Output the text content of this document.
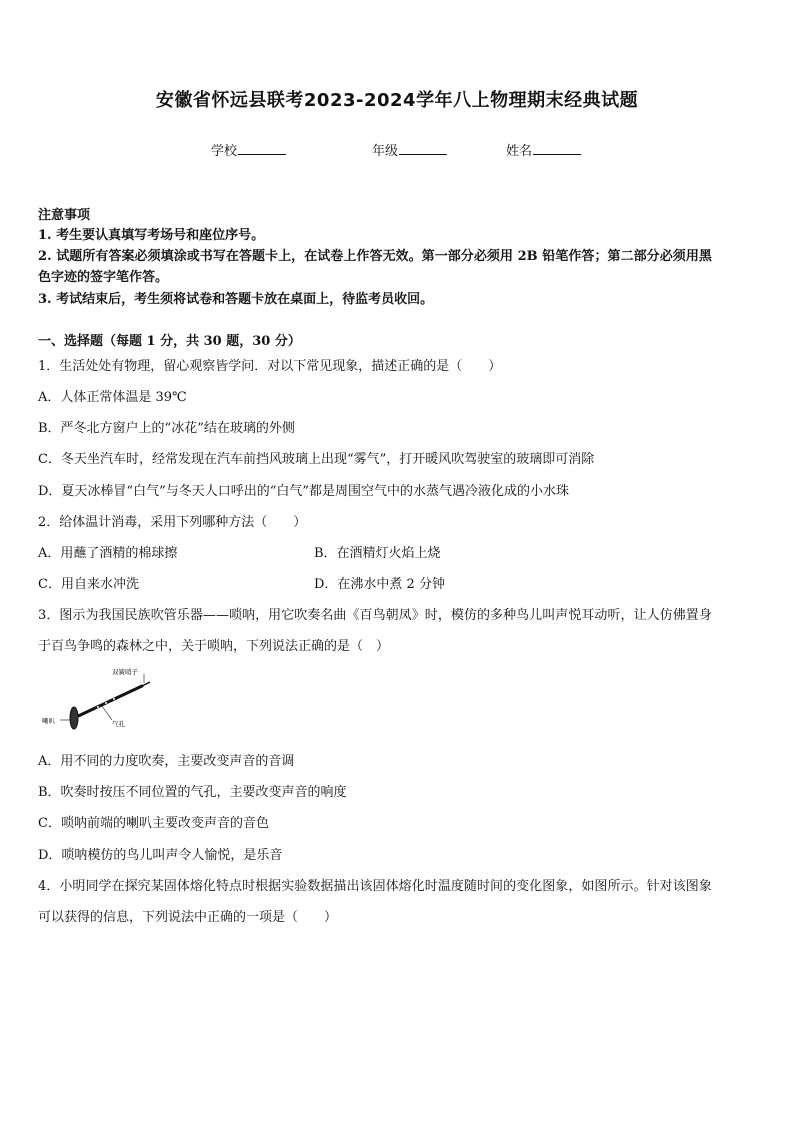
安徽省怀远县联考2023-2024学年八上物理期末经典试题
学校	年级	姓名
注意事项
1. 考生要认真填写考场号和座位序号。
2. 试题所有答案必须填涂或书写在答题卡上，在试卷上作答无效。第一部分必须用 2B 铅笔作答；第二部分必须用黑
色字迹的签字笔作答。
3. 考试结束后，考生须将试卷和答题卡放在桌面上，待监考员收回。
一、选择题（每题 1 分，共 30 题，30 分）
1．生活处处有物理，留心观察皆学问．对以下常见现象，描述正确的是（　　）
A．人体正常体温是 39℃
B．严冬北方窗户上的“冰花”结在玻璃的外侧
C．冬天坐汽车时，经常发现在汽车前挡风玻璃上出现“雾气”，打开暖风吹驾驶室的玻璃即可消除
D．夏天冰棒冒“白气”与冬天人口呼出的“白气”都是周围空气中的水蒸气遇冷液化成的小水珠
2．给体温计消毒，采用下列哪种方法（　　）
A．用蘸了酒精的棉球擦	B．在酒精灯火焰上烧
C．用自来水冲洗	D．在沸水中煮 2 分钟
3．图示为我国民族吹管乐器——唢呐，用它吹奏名曲《百鸟朝凤》时，模仿的多种鸟儿叫声悦耳动听，让人仿佛置身
于百鸟争鸣的森林之中，关于唢呐，下列说法正确的是（　）
双簧哨子
喇叭	气孔
A．用不同的力度吹奏，主要改变声音的音调
B．吹奏时按压不同位置的气孔，主要改变声音的响度
C．唢呐前端的喇叭主要改变声音的音色
D．唢呐模仿的鸟儿叫声令人愉悦，是乐音
4．小明同学在探究某固体熔化特点时根据实验数据描出该固体熔化时温度随时间的变化图象，如图所示。针对该图象
可以获得的信息，下列说法中正确的一项是（　　）
